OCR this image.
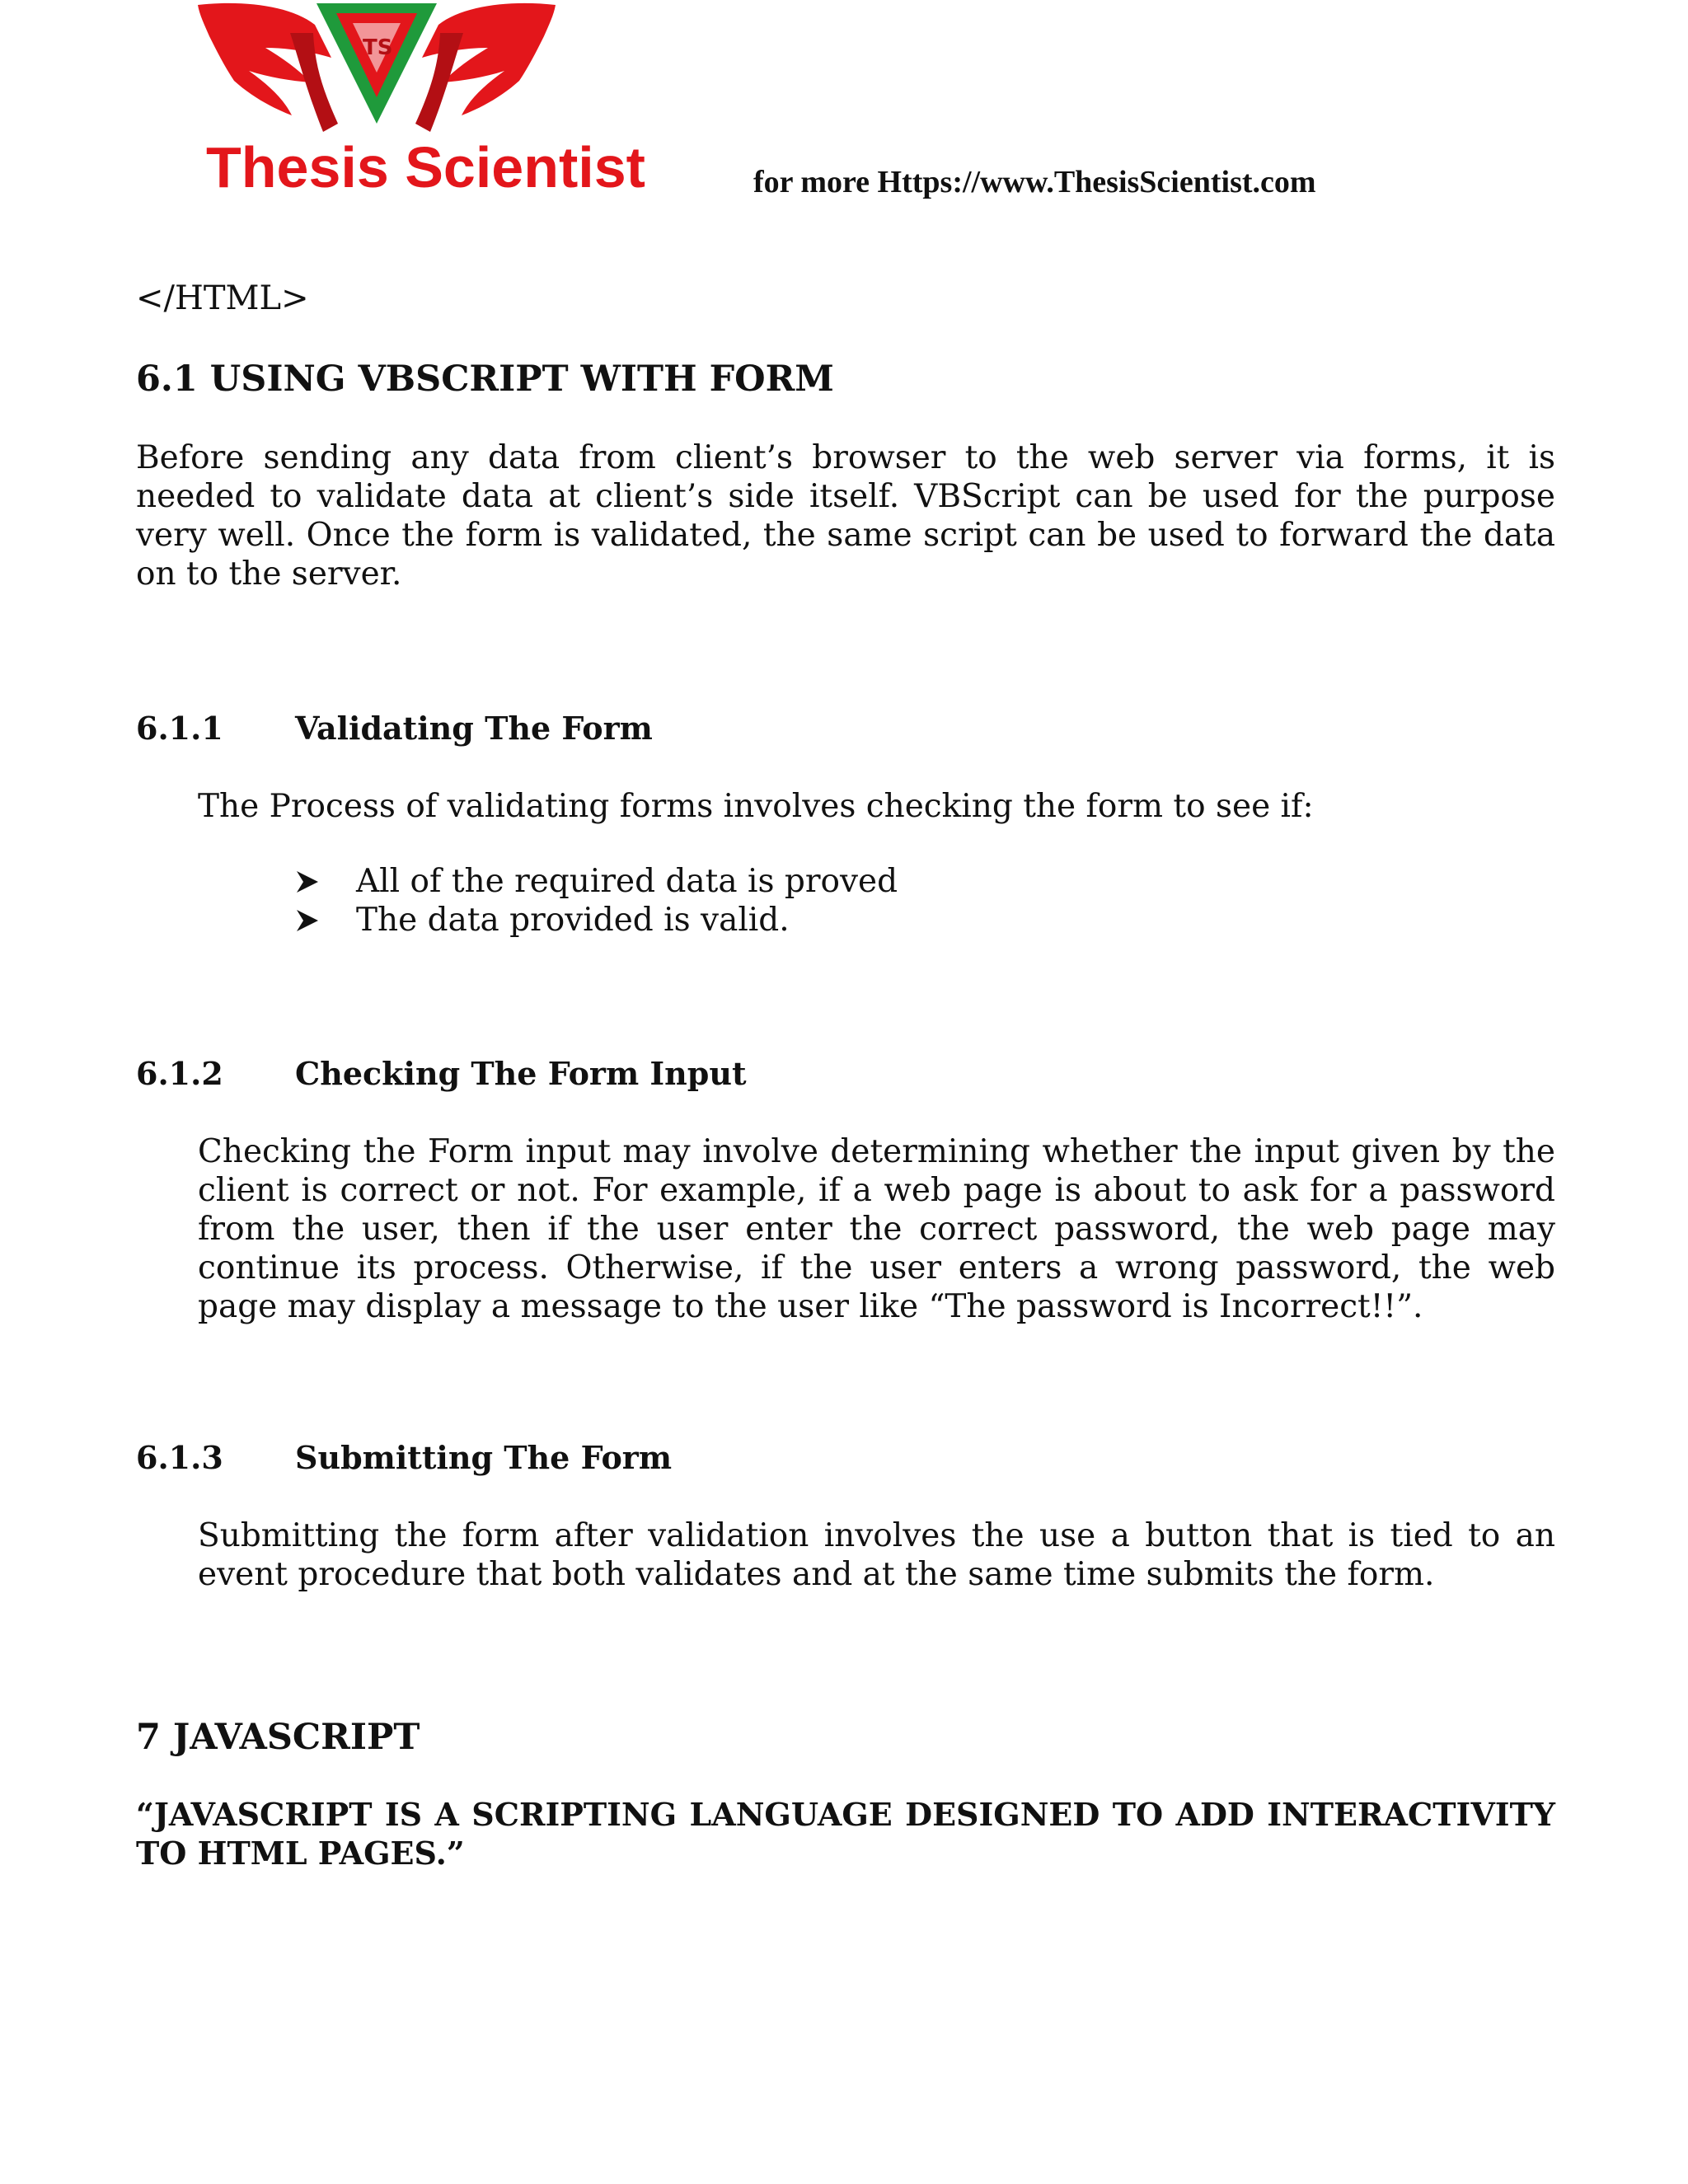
TS
Thesis Scientist	for more Https://www.ThesisScientist.com
</HTML>
6.1 USING VBSCRIPT WITH FORM

Before sending any data from client’s browser to the web server via forms, it is needed to validate data at client’s side itself. VBScript can be used for the purpose very well. Once the form is validated, the same script can be used to forward the data on to the server.

6.1.1 Validating The Form
The Process of validating forms involves checking the form to see if:
All of the required data is proved
The data provided is valid.
6.1.2 Checking The Form Input

Checking the Form input may involve determining whether the input given by the client is correct or not. For example, if a web page is about to ask for a password from the user, then if the user enter the correct password, the web page may continue its process. Otherwise, if the user enters a wrong password, the web page may display a message to the user like “The password is Incorrect!!”.

6.1.3 Submitting The Form

Submitting the form after validation involves the use a button that is tied to an event procedure that both validates and at the same time submits the form.

7 JAVASCRIPT

“JAVASCRIPT IS A SCRIPTING LANGUAGE DESIGNED TO ADD INTERACTIVITY TO HTML PAGES.”
